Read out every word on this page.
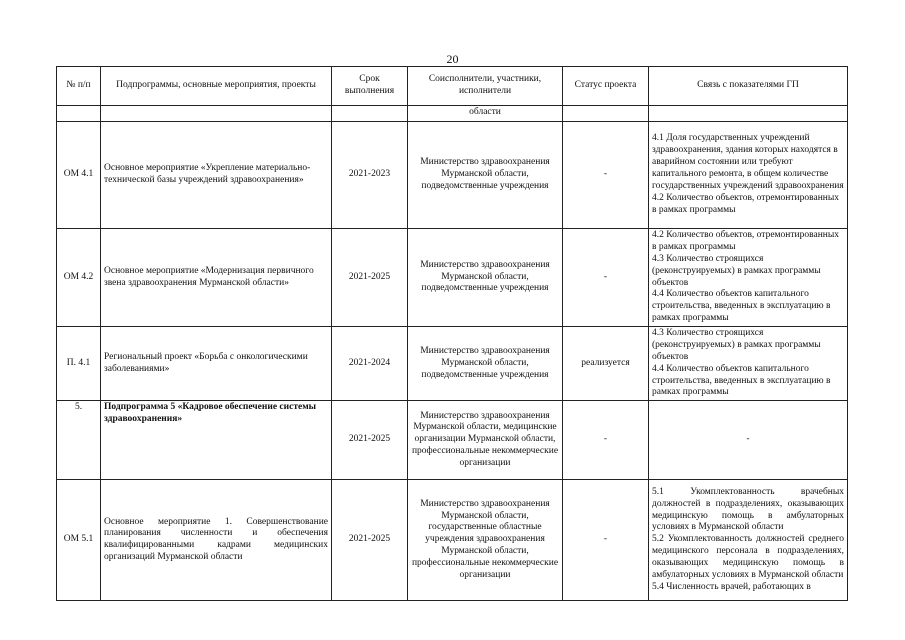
20
№ п/п	Подпрограммы, основные мероприятия, проекты	Срок выполнения	Соисполнители, участники, исполнители	Статус проекта	Связь с показателями ГП
			области		
ОМ 4.1	Основное мероприятие «Укрепление материально-технической базы учреждений здравоохранения»	2021-2023	Министерство здравоохранения Мурманской области, подведомственные учреждения	-	4.1 Доля государственных учреждений здравоохранения, здания которых находятся в аварийном состоянии или требуют капитального ремонта, в общем количестве государственных учреждений здравоохранения
4.2 Количество объектов, отремонтированных в рамках программы

ОМ 4.2	Основное мероприятие «Модернизация первичного звена здравоохранения Мурманской области»	2021-2025	Министерство здравоохранения Мурманской области, подведомственные учреждения	-	4.2 Количество объектов, отремонтированных в рамках программы
4.3 Количество строящихся (реконструируемых) в рамках программы объектов
4.4 Количество объектов капитального строительства, введенных в эксплуатацию в рамках программы

П. 4.1	Региональный проект «Борьба с онкологическими заболеваниями»	2021-2024	Министерство здравоохранения Мурманской области, подведомственные учреждения	реализуется	4.3 Количество строящихся (реконструируемых) в рамках программы объектов
4.4 Количество объектов капитального строительства, введенных в эксплуатацию в рамках программы

5.	Подпрограмма 5 «Кадровое обеспечение системы здравоохранения»	2021-2025	Министерство здравоохранения Мурманской области, медицинские организации Мурманской области, профессиональные некоммерческие организации	-	-
ОМ 5.1	Основное мероприятие 1. Совершенствование планирования численности и обеспечения квалифицированными кадрами медицинских организаций Мурманской области	2021-2025	Министерство здравоохранения Мурманской области, государственные областные учреждения здравоохранения Мурманской области, профессиональные некоммерческие организации	-	5.1 Укомплектованность врачебных должностей в подразделениях, оказывающих медицинскую помощь в амбулаторных условиях в Мурманской области
5.2 Укомплектованность должностей среднего медицинского персонала в подразделениях, оказывающих медицинскую помощь в амбулаторных условиях в Мурманской области
5.4 Численность врачей, работающих в
